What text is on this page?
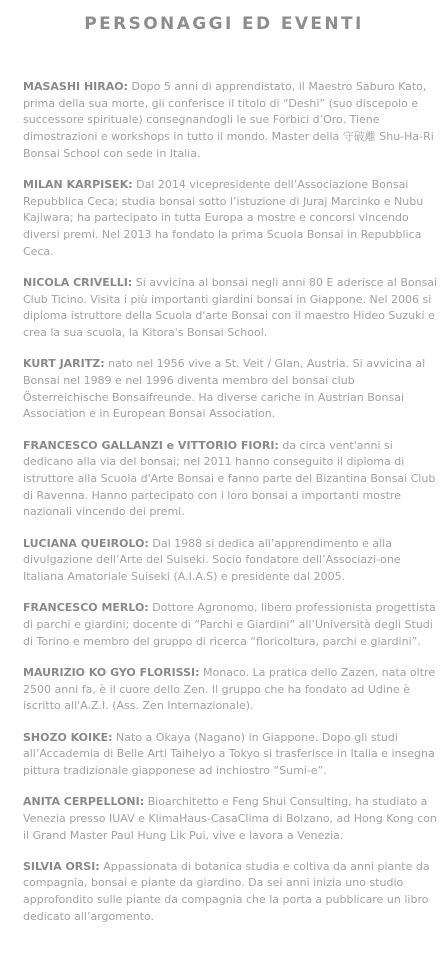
PERSONAGGI ED EVENTI

MASASHI HIRAO: Dopo 5 anni di apprendistato, il Maestro Saburo Kato, prima della sua morte, gli conferisce il titolo di “Deshi” (suo discepolo e successore spirituale) consegnandogli le sue Forbici d’Oro. Tiene dimostrazioni e workshops in tutto il mondo. Master della 守破離 Shu-Ha-Ri Bonsai School con sede in Italia.

MILAN KARPISEK: Dal 2014 vicepresidente dell’Associazione Bonsai Repubblica Ceca; studia bonsai sotto l’istuzione di Juraj Marcinko e Nubu Kajiwara; ha partecipato in tutta Europa a mostre e concorsi vincendo diversi premi. Nel 2013 ha fondato la prima Scuola Bonsai in Repubblica Ceca.

NICOLA CRIVELLI: Si avvicina al bonsai negli anni 80 E aderisce al Bonsai Club Ticino. Visita i più importanti giardini bonsai in Giappone. Nel 2006 si diploma istruttore della Scuola d'arte Bonsai con il maestro Hideo Suzuki e crea la sua scuola, la Kitora's Bonsai School.

KURT JARITZ: nato nel 1956 vive a St. Veit / Glan, Austria. Si avvicina al Bonsai nel 1989 e nel 1996 diventa membro del bonsai club Österreichische Bonsaifreunde. Ha diverse cariche in Austrian Bonsai Association e in European Bonsai Association.

FRANCESCO GALLANZI e VITTORIO FIORI: da circa vent'anni si dedicano alla via del bonsai; nel 2011 hanno conseguito il diploma di istruttore alla Scuola d'Arte Bonsai e fanno parte del Bizantina Bonsai Club di Ravenna. Hanno partecipato con i loro bonsai a importanti mostre nazionali vincendo dei premi.

LUCIANA QUEIROLO: Dal 1988 si dedica all’apprendimento e alla divulgazione dell’Arte del Suiseki. Socio fondatore dell’Associazi-one Italiana Amatoriale Suiseki (A.I.A.S) e presidente dal 2005.

FRANCESCO MERLO: Dottore Agronomo, libero professionista progettista di parchi e giardini; docente di “Parchi e Giardini” all’Università degli Studi di Torino e membro del gruppo di ricerca “floricoltura, parchi e giardini”.

MAURIZIO KO GYO FLORISSI: Monaco. La pratica dello Zazen, nata oltre 2500 anni fa, è il cuore dello Zen. Il gruppo che ha fondato ad Udine è iscritto all'A.Z.I. (Ass. Zen Internazionale).

SHOZO KOIKE: Nato a Okaya (Nagano) in Giappone. Dopo gli studi all’Accademia di Belle Arti Taiheiyo a Tokyo si trasferisce in Italia e insegna pittura tradizionale giapponese ad inchiostro “Sumi-e”.

ANITA CERPELLONI: Bioarchitetto e Feng Shui Consulting, ha studiato a Venezia presso IUAV e KlimaHaus-CasaClima di Bolzano, ad Hong Kong con il Grand Master Paul Hung Lik Pui, vive e lavora a Venezia.

SILVIA ORSI: Appassionata di botanica studia e coltiva da anni piante da compagnia, bonsai e piante da giardino. Da sei anni inizia uno studio approfondito sulle piante da compagnia che la porta a pubblicare un libro dedicato all’argomento.
